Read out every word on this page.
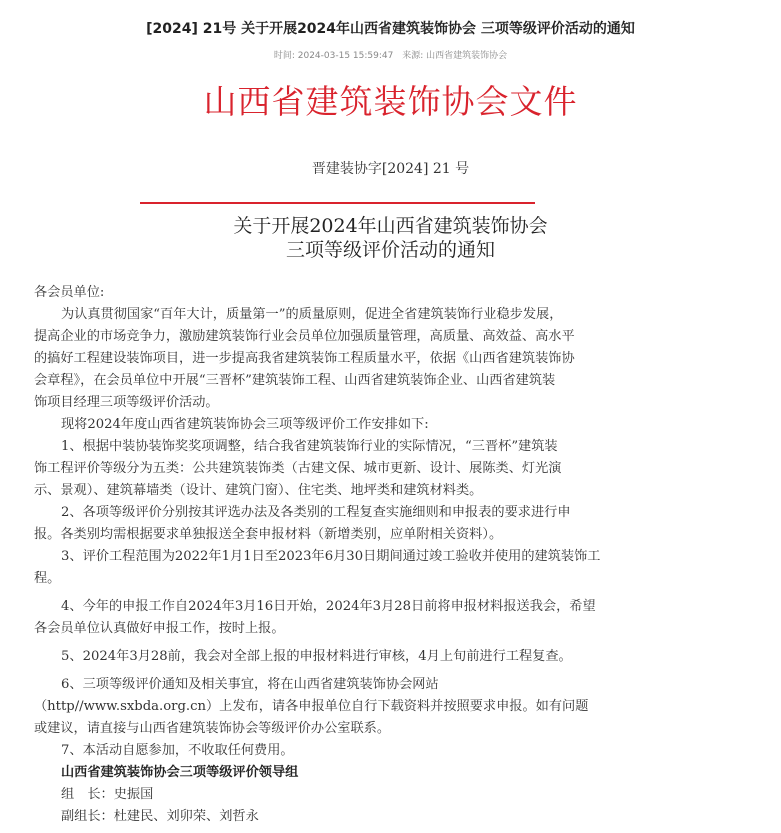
[2024] 21号 关于开展2024年山西省建筑装饰协会 三项等级评价活动的通知
时间: 2024-03-15 15:59:47 来源: 山西省建筑装饰协会
山西省建筑装饰协会文件
晋建装协字[2024] 21 号
关于开展2024年山西省建筑装饰协会
三项等级评价活动的通知
各会员单位:
为认真贯彻国家“百年大计，质量第一”的质量原则，促进全省建筑装饰行业稳步发展，
提高企业的市场竞争力，激励建筑装饰行业会员单位加强质量管理，高质量、高效益、高水平
的搞好工程建设装饰项目，进一步提高我省建筑装饰工程质量水平，依据《山西省建筑装饰协
会章程》，在会员单位中开展“三晋杯”建筑装饰工程、山西省建筑装饰企业、山西省建筑装
饰项目经理三项等级评价活动。
现将2024年度山西省建筑装饰协会三项等级评价工作安排如下:
1、根据中装协装饰奖奖项调整，结合我省建筑装饰行业的实际情况，“三晋杯”建筑装
饰工程评价等级分为五类：公共建筑装饰类（古建文保、城市更新、设计、展陈类、灯光演
示、景观）、建筑幕墙类（设计、建筑门窗）、住宅类、地坪类和建筑材料类。
2、各项等级评价分别按其评选办法及各类别的工程复查实施细则和申报表的要求进行申
报。各类别均需根据要求单独报送全套申报材料（新增类别，应单附相关资料）。
3、评价工程范围为2022年1月1日至2023年6月30日期间通过竣工验收并使用的建筑装饰工
程。
4、今年的申报工作自2024年3月16日开始，2024年3月28日前将申报材料报送我会，希望
各会员单位认真做好申报工作，按时上报。
5、2024年3月28前，我会对全部上报的申报材料进行审核，4月上旬前进行工程复查。
6、三项等级评价通知及相关事宜，将在山西省建筑装饰协会网站
（http//www.sxbda.org.cn）上发布，请各申报单位自行下载资料并按照要求申报。如有问题
或建议，请直接与山西省建筑装饰协会等级评价办公室联系。
7、本活动自愿参加，不收取任何费用。
山西省建筑装饰协会三项等级评价领导组
组　长：史振国
副组长：杜建民、刘卯荣、刘哲永
